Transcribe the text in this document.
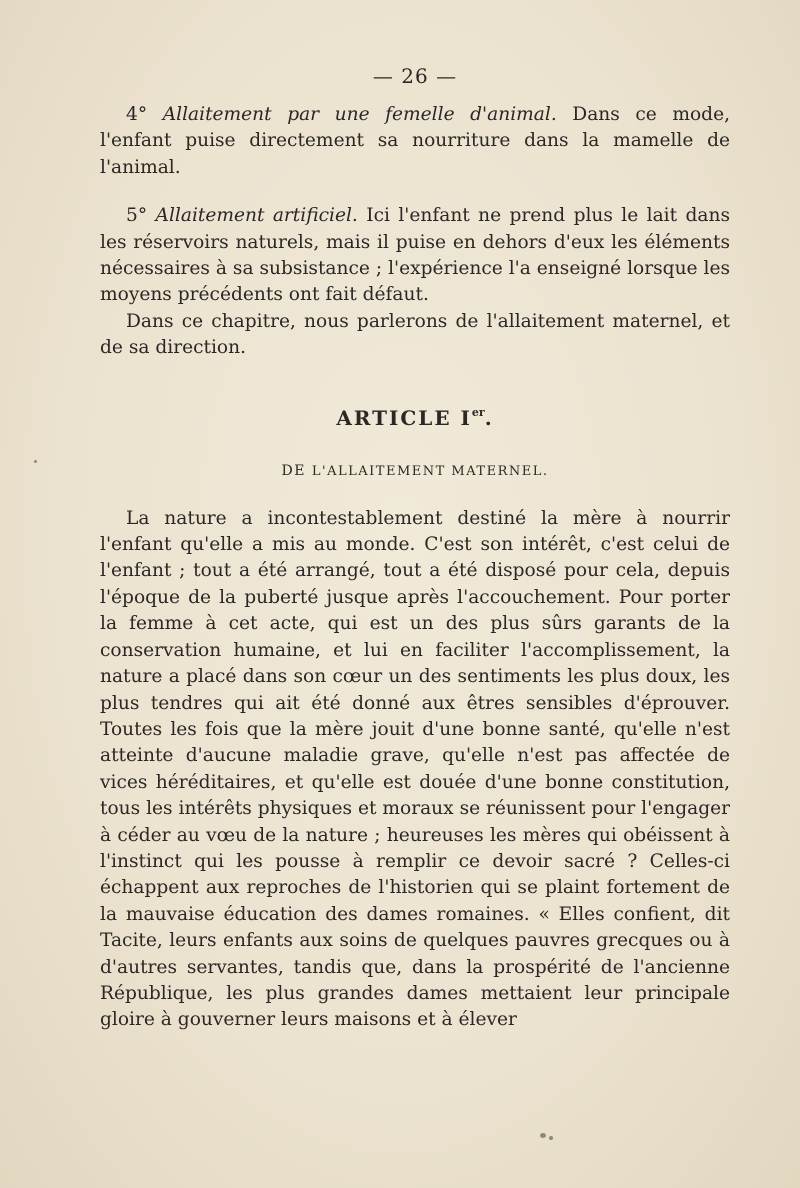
— 26 —

4° Allaitement par une femelle d'animal. Dans ce mode, l'enfant puise directement sa nourriture dans la mamelle de l'animal.

5° Allaitement artificiel. Ici l'enfant ne prend plus le lait dans les réservoirs naturels, mais il puise en dehors d'eux les éléments nécessaires à sa subsistance ; l'expérience l'a enseigné lorsque les moyens précédents ont fait défaut.

Dans ce chapitre, nous parlerons de l'allaitement maternel, et de sa direction.

ARTICLE Ier.
DE L'ALLAITEMENT MATERNEL.

La nature a incontestablement destiné la mère à nourrir l'enfant qu'elle a mis au monde. C'est son intérêt, c'est celui de l'enfant ; tout a été arrangé, tout a été disposé pour cela, depuis l'époque de la puberté jusque après l'accouchement. Pour porter la femme à cet acte, qui est un des plus sûrs garants de la conservation humaine, et lui en faciliter l'accomplissement, la nature a placé dans son cœur un des sentiments les plus doux, les plus tendres qui ait été donné aux êtres sensibles d'éprouver. Toutes les fois que la mère jouit d'une bonne santé, qu'elle n'est atteinte d'aucune maladie grave, qu'elle n'est pas affectée de vices héréditaires, et qu'elle est douée d'une bonne constitution, tous les intérêts physiques et moraux se réunissent pour l'engager à céder au vœu de la nature ; heureuses les mères qui obéissent à l'instinct qui les pousse à remplir ce devoir sacré ? Celles-ci échappent aux reproches de l'historien qui se plaint fortement de la mauvaise éducation des dames romaines. « Elles confient, dit Tacite, leurs enfants aux soins de quelques pauvres grecques ou à d'autres servantes, tandis que, dans la prospérité de l'ancienne République, les plus grandes dames mettaient leur principale gloire à gouverner leurs maisons et à élever
